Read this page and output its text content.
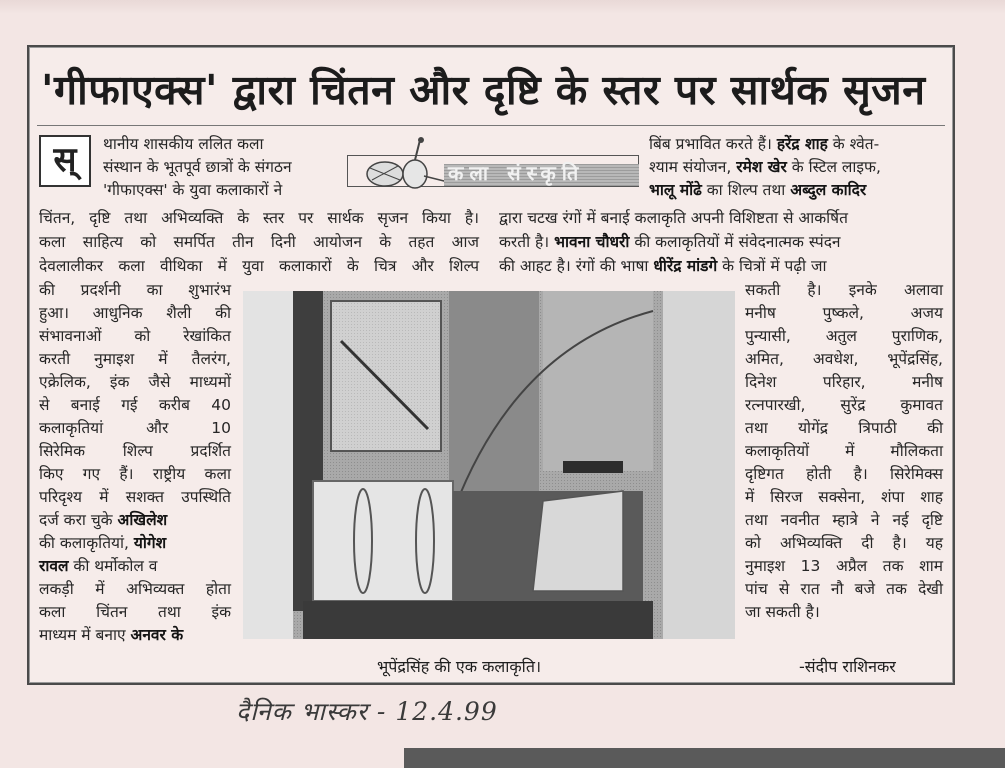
'गीफाएक्स' द्वारा चिंतन और दृष्टि के स्तर पर सार्थक सृजन
स्	थानीय शासकीय ललित कला
संस्थान के भूतपूर्व छात्रों के संगठन
'गीफाएक्स' के युवा कलाकारों ने
कला संस्कृति
चिंतन, दृष्टि तथा अभिव्यक्ति के स्तर पर सार्थक सृजन किया है।
कला साहित्य को समर्पित तीन दिनी आयोजन के तहत आज
देवलालीकर कला वीथिका में युवा कलाकारों के चित्र और शिल्प
की प्रदर्शनी का शुभारंभ
हुआ। आधुनिक शैली की
संभावनाओं को रेखांकित
करती नुमाइश में तैलरंग,
एक्रेलिक, इंक जैसे माध्यमों
से बनाई गई करीब 40
कलाकृतियां और 10
सिरेमिक शिल्प प्रदर्शित
किए गए हैं। राष्ट्रीय कला
परिदृश्य में सशक्त उपस्थिति
दर्ज करा चुके अखिलेश
की कलाकृतियां, योगेश
रावल की थर्मोकोल व
लकड़ी में अभिव्यक्त होता
कला चिंतन तथा इंक
माध्यम में बनाए अनवर के
बिंब प्रभावित करते हैं। हरेंद्र शाह के श्वेत-
श्याम संयोजन, रमेश खेर के स्टिल लाइफ,
भालू मोंढे का शिल्प तथा अब्दुल कादिर
द्वारा चटख रंगों में बनाई कलाकृति अपनी विशिष्टता से आकर्षित
करती है। भावना चौधरी की कलाकृतियों में संवेदनात्मक स्पंदन
की आहट है। रंगों की भाषा धीरेंद्र मांडगे के चित्रों में पढ़ी जा
सकती है। इनके अलावा
मनीष पुष्कले, अजय
पुन्यासी, अतुल पुराणिक,
अमित, अवधेश, भूपेंद्रसिंह,
दिनेश परिहार, मनीष
रत्नपारखी, सुरेंद्र कुमावत
तथा योगेंद्र त्रिपाठी की
कलाकृतियों में मौलिकता
दृष्टिगत होती है। सिरेमिक्स
में सिरज सक्सेना, शंपा शाह
तथा नवनीत म्हात्रे ने नई दृष्टि
को अभिव्यक्ति दी है। यह
नुमाइश 13 अप्रैल तक शाम
पांच से रात नौ बजे तक देखी
जा सकती है।
भूपेंद्रसिंह की एक कलाकृति।	-संदीप राशिनकर
दैनिक भास्कर - 12.4.99
